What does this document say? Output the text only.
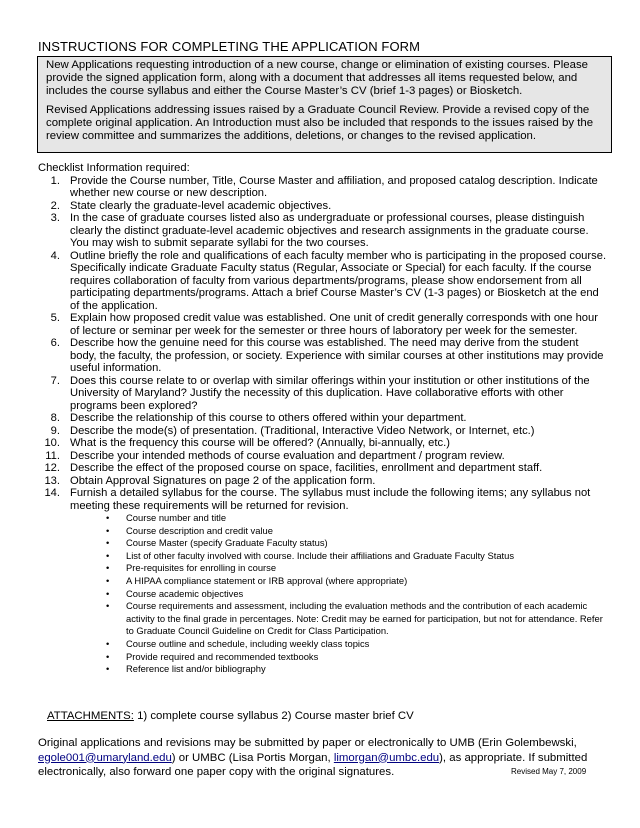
INSTRUCTIONS FOR COMPLETING THE APPLICATION FORM

New Applications requesting introduction of a new course, change or elimination of existing courses. Please provide the signed application form, along with a document that addresses all items requested below, and includes the course syllabus and either the Course Master’s CV (brief 1-3 pages) or Biosketch.

Revised Applications addressing issues raised by a Graduate Council Review. Provide a revised copy of the complete original application. An Introduction must also be included that responds to the issues raised by the review committee and summarizes the additions, deletions, or changes to the revised application.

Checklist Information required:
1. Provide the Course number, Title, Course Master and affiliation, and proposed catalog description. Indicate whether new course or new description.
2. State clearly the graduate-level academic objectives.
3. In the case of graduate courses listed also as undergraduate or professional courses, please distinguish clearly the distinct graduate-level academic objectives and research assignments in the graduate course. You may wish to submit separate syllabi for the two courses.
4. Outline briefly the role and qualifications of each faculty member who is participating in the proposed course. Specifically indicate Graduate Faculty status (Regular, Associate or Special) for each faculty. If the course requires collaboration of faculty from various departments/programs, please show endorsement from all participating departments/programs. Attach a brief Course Master’s CV (1-3 pages) or Biosketch at the end of the application.
5. Explain how proposed credit value was established. One unit of credit generally corresponds with one hour of lecture or seminar per week for the semester or three hours of laboratory per week for the semester.
6. Describe how the genuine need for this course was established. The need may derive from the student body, the faculty, the profession, or society. Experience with similar courses at other institutions may provide useful information.
7. Does this course relate to or overlap with similar offerings within your institution or other institutions of the University of Maryland? Justify the necessity of this duplication. Have collaborative efforts with other programs been explored?
8. Describe the relationship of this course to others offered within your department.
9. Describe the mode(s) of presentation. (Traditional, Interactive Video Network, or Internet, etc.)
10. What is the frequency this course will be offered? (Annually, bi-annually, etc.)
11. Describe your intended methods of course evaluation and department / program review.
12. Describe the effect of the proposed course on space, facilities, enrollment and department staff.
13. Obtain Approval Signatures on page 2 of the application form.
14. Furnish a detailed syllabus for the course. The syllabus must include the following items; any syllabus not meeting these requirements will be returned for revision.
• Course number and title
• Course description and credit value
• Course Master (specify Graduate Faculty status)
• List of other faculty involved with course. Include their affiliations and Graduate Faculty Status
• Pre-requisites for enrolling in course
• A HIPAA compliance statement or IRB approval (where appropriate)
• Course academic objectives
• Course requirements and assessment, including the evaluation methods and the contribution of each academic activity to the final grade in percentages. Note: Credit may be earned for participation, but not for attendance. Refer to Graduate Council Guideline on Credit for Class Participation.
• Course outline and schedule, including weekly class topics
• Provide required and recommended textbooks
• Reference list and/or bibliography
ATTACHMENTS: 1) complete course syllabus 2) Course master brief CV
Original applications and revisions may be submitted by paper or electronically to UMB (Erin Golembewski, egole001@umaryland.edu) or UMBC (Lisa Portis Morgan, limorgan@umbc.edu), as appropriate. If submitted electronically, also forward one paper copy with the original signatures.	Revised May 7, 2009
